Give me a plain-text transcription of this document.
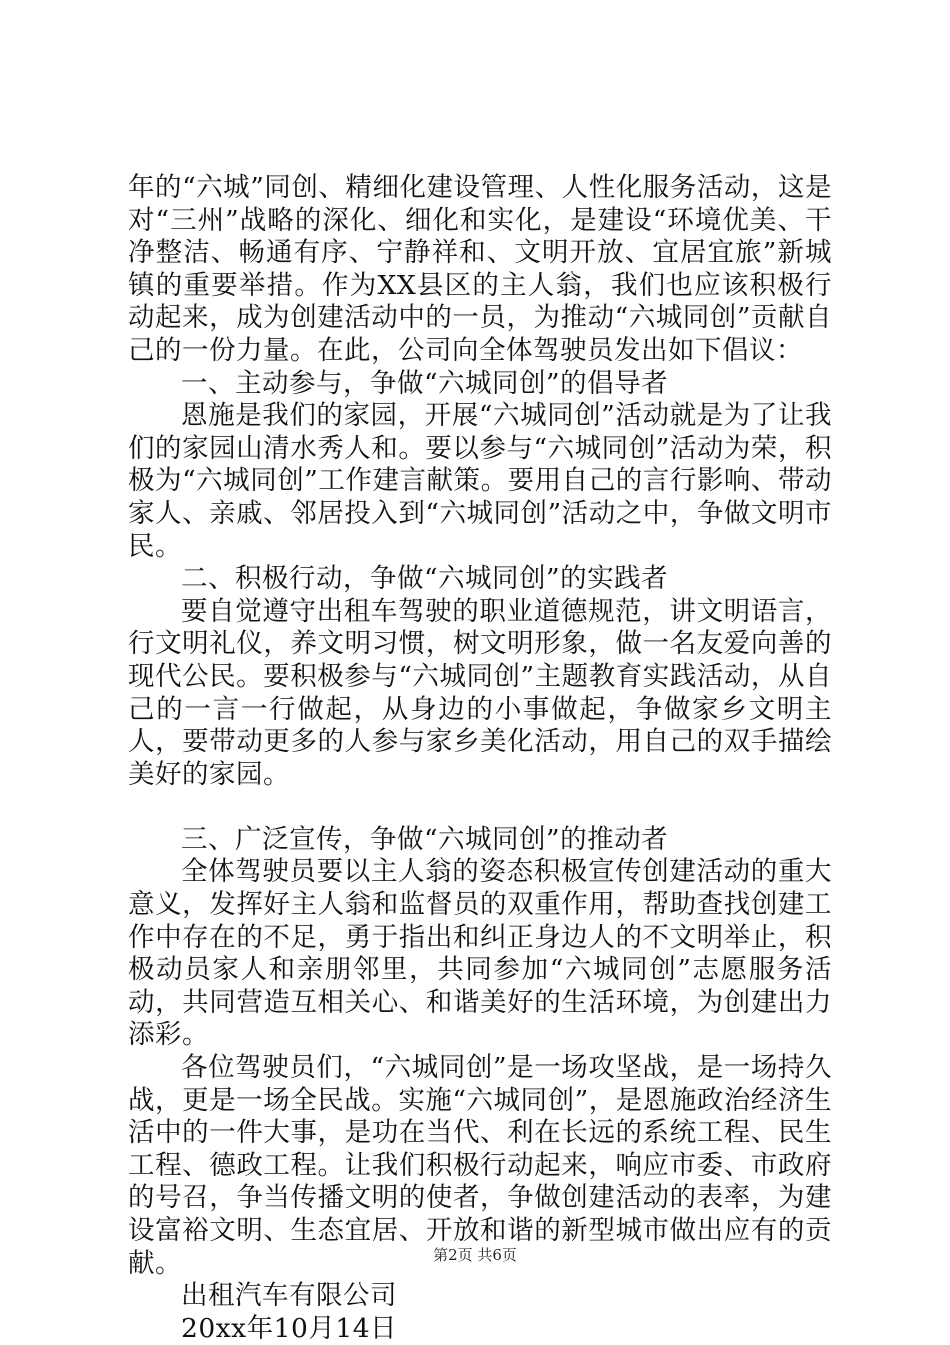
年的“六城”同创、精细化建设管理、人性化服务活动，这是对“三州”战略的深化、细化和实化，是建设“环境优美、干净整洁、畅通有序、宁静祥和、文明开放、宜居宜旅”新城镇的重要举措。作为XX县区的主人翁，我们也应该积极行动起来，成为创建活动中的一员，为推动“六城同创”贡献自己的一份力量。在此，公司向全体驾驶员发出如下倡议：

一、主动参与，争做“六城同创”的倡导者

恩施是我们的家园，开展“六城同创”活动就是为了让我们的家园山清水秀人和。要以参与“六城同创”活动为荣，积极为“六城同创”工作建言献策。要用自己的言行影响、带动家人、亲戚、邻居投入到“六城同创”活动之中，争做文明市民。

二、积极行动，争做“六城同创”的实践者

要自觉遵守出租车驾驶的职业道德规范，讲文明语言，行文明礼仪，养文明习惯，树文明形象，做一名友爱向善的现代公民。要积极参与“六城同创”主题教育实践活动，从自己的一言一行做起，从身边的小事做起，争做家乡文明主人，要带动更多的人参与家乡美化活动，用自己的双手描绘美好的家园。

三、广泛宣传，争做“六城同创”的推动者

全体驾驶员要以主人翁的姿态积极宣传创建活动的重大意义，发挥好主人翁和监督员的双重作用，帮助查找创建工作中存在的不足，勇于指出和纠正身边人的不文明举止，积极动员家人和亲朋邻里，共同参加“六城同创”志愿服务活动，共同营造互相关心、和谐美好的生活环境，为创建出力添彩。

各位驾驶员们，“六城同创”是一场攻坚战，是一场持久战，更是一场全民战。实施“六城同创”，是恩施政治经济生活中的一件大事，是功在当代、利在长远的系统工程、民生工程、德政工程。让我们积极行动起来，响应市委、市政府的号召，争当传播文明的使者，争做创建活动的表率，为建设富裕文明、生态宜居、开放和谐的新型城市做出应有的贡献。

出租汽车有限公司

20xx年10月14日

第2页 共6页
